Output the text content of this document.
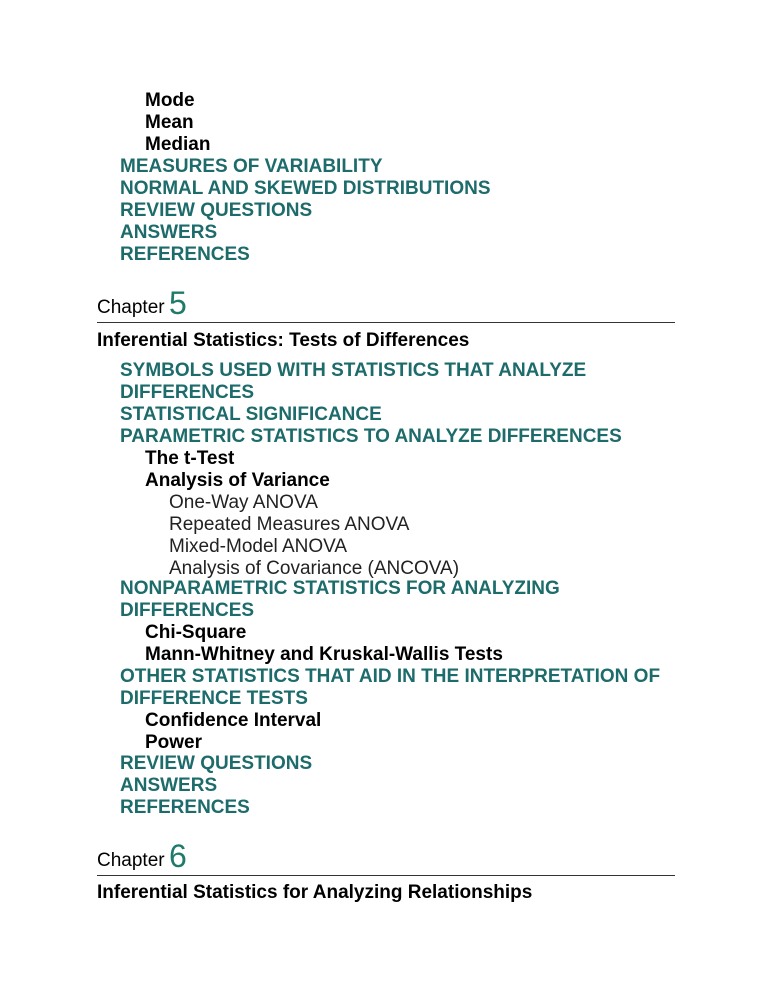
Mode
Mean
Median
MEASURES OF VARIABILITY
NORMAL AND SKEWED DISTRIBUTIONS
REVIEW QUESTIONS
ANSWERS
REFERENCES
Chapter 5
Inferential Statistics: Tests of Differences
SYMBOLS USED WITH STATISTICS THAT ANALYZE
DIFFERENCES
STATISTICAL SIGNIFICANCE
PARAMETRIC STATISTICS TO ANALYZE DIFFERENCES
The t-Test
Analysis of Variance
One-Way ANOVA
Repeated Measures ANOVA
Mixed-Model ANOVA
Analysis of Covariance (ANCOVA)
NONPARAMETRIC STATISTICS FOR ANALYZING
DIFFERENCES
Chi-Square
Mann-Whitney and Kruskal-Wallis Tests
OTHER STATISTICS THAT AID IN THE INTERPRETATION OF
DIFFERENCE TESTS
Confidence Interval
Power
REVIEW QUESTIONS
ANSWERS
REFERENCES
Chapter 6
Inferential Statistics for Analyzing Relationships
